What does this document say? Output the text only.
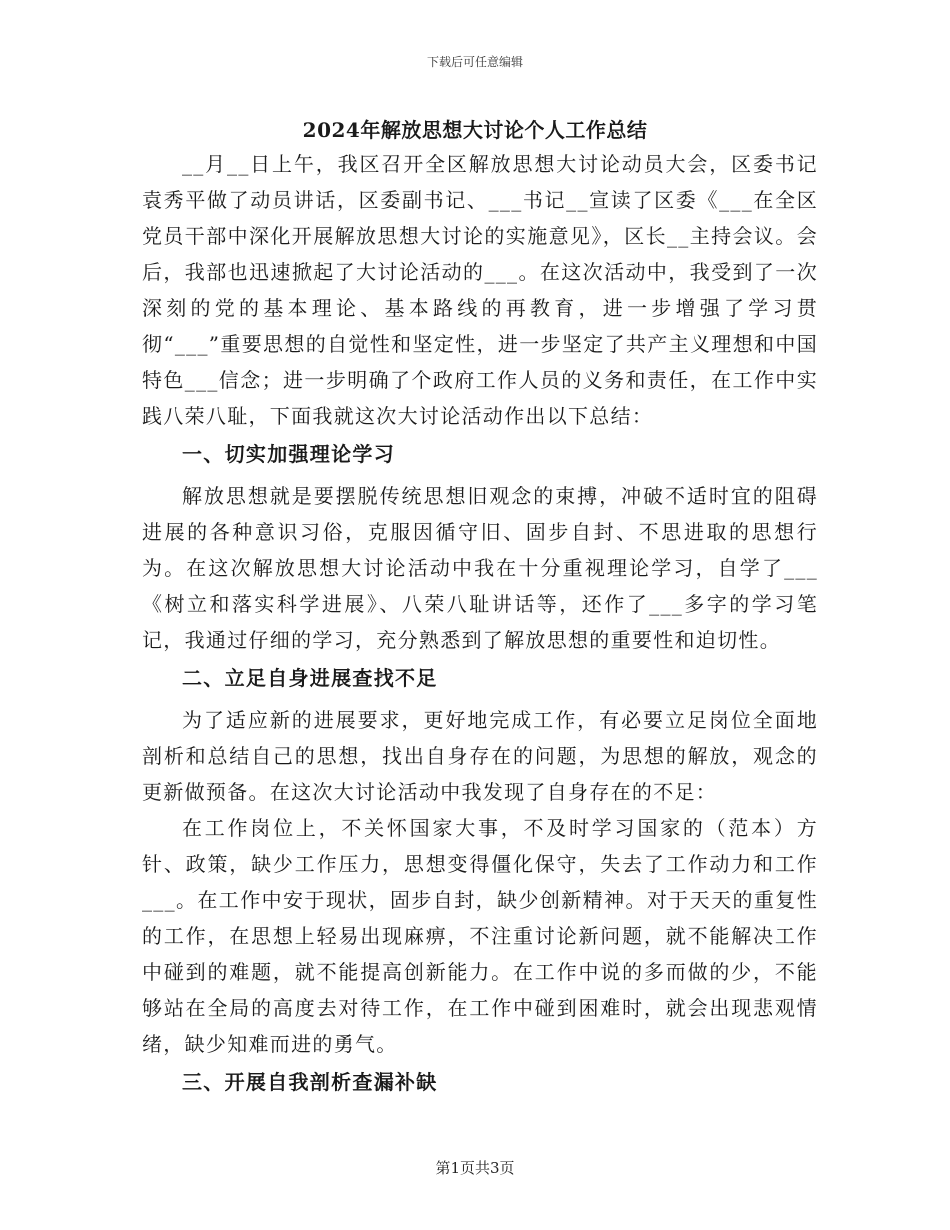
下载后可任意编辑
2024年解放思想大讨论个人工作总结

__月__日上午，我区召开全区解放思想大讨论动员大会，区委书记袁秀平做了动员讲话，区委副书记、___书记__宣读了区委《___在全区党员干部中深化开展解放思想大讨论的实施意见》，区长__主持会议。会后，我部也迅速掀起了大讨论活动的___。在这次活动中，我受到了一次深刻的党的基本理论、基本路线的再教育，进一步增强了学习贯彻“___”重要思想的自觉性和坚定性，进一步坚定了共产主义理想和中国特色___信念；进一步明确了个政府工作人员的义务和责任，在工作中实践八荣八耻，下面我就这次大讨论活动作出以下总结：

一、切实加强理论学习

解放思想就是要摆脱传统思想旧观念的束搏，冲破不适时宜的阻碍进展的各种意识习俗，克服因循守旧、固步自封、不思进取的思想行为。在这次解放思想大讨论活动中我在十分重视理论学习，自学了___《树立和落实科学进展》、八荣八耻讲话等，还作了___多字的学习笔记，我通过仔细的学习，充分熟悉到了解放思想的重要性和迫切性。

二、立足自身进展查找不足

为了适应新的进展要求，更好地完成工作，有必要立足岗位全面地剖析和总结自己的思想，找出自身存在的问题，为思想的解放，观念的更新做预备。在这次大讨论活动中我发现了自身存在的不足：

在工作岗位上，不关怀国家大事，不及时学习国家的（范本）方针、政策，缺少工作压力，思想变得僵化保守，失去了工作动力和工作___。在工作中安于现状，固步自封，缺少创新精神。对于天天的重复性的工作，在思想上轻易出现麻痹，不注重讨论新问题，就不能解决工作中碰到的难题，就不能提高创新能力。在工作中说的多而做的少，不能够站在全局的高度去对待工作，在工作中碰到困难时，就会出现悲观情绪，缺少知难而进的勇气。

三、开展自我剖析查漏补缺

第1页共3页
